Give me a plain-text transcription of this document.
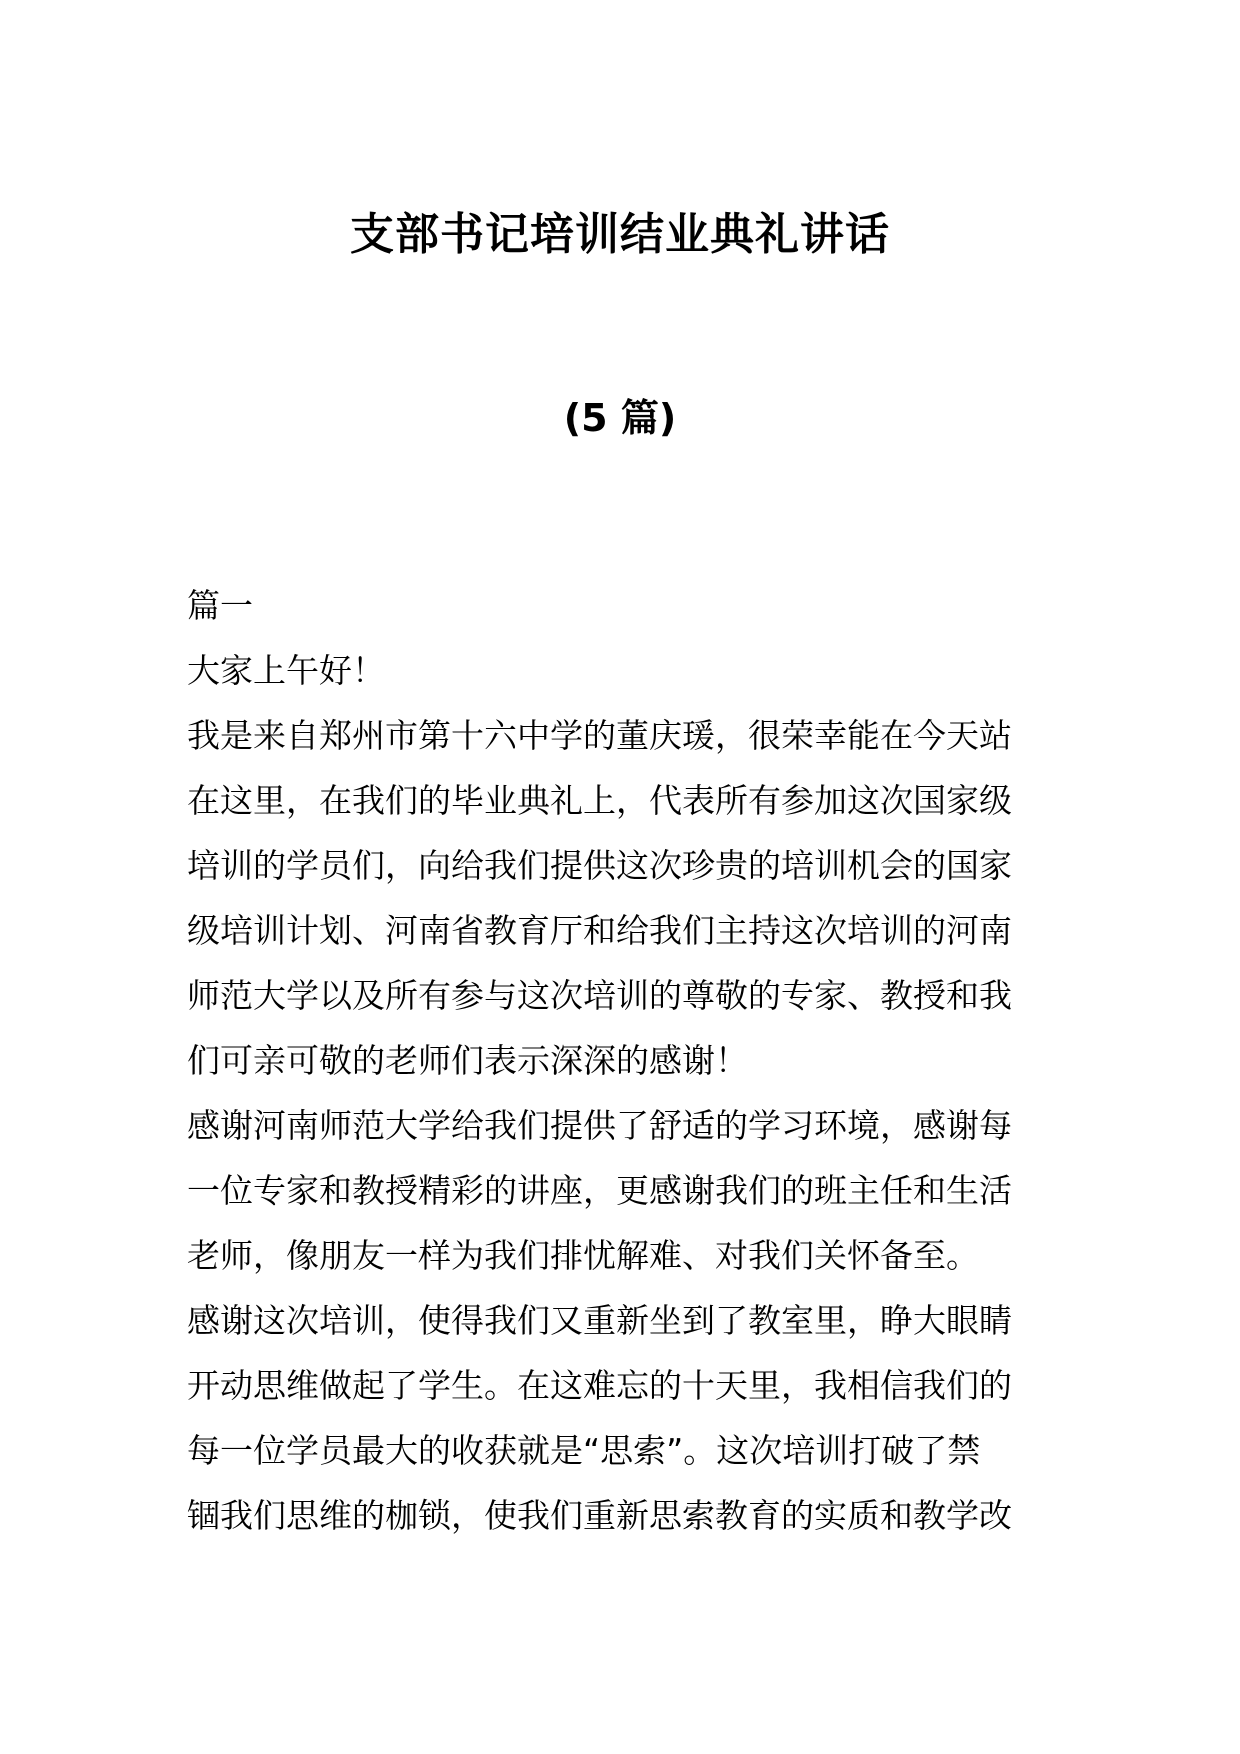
支部书记培训结业典礼讲话
(5 篇)
篇一
大家上午好！
我是来自郑州市第十六中学的董庆瑗，很荣幸能在今天站
在这里，在我们的毕业典礼上，代表所有参加这次国家级
培训的学员们，向给我们提供这次珍贵的培训机会的国家
级培训计划、河南省教育厅和给我们主持这次培训的河南
师范大学以及所有参与这次培训的尊敬的专家、教授和我
们可亲可敬的老师们表示深深的感谢！
感谢河南师范大学给我们提供了舒适的学习环境，感谢每
一位专家和教授精彩的讲座，更感谢我们的班主任和生活
老师，像朋友一样为我们排忧解难、对我们关怀备至。
感谢这次培训，使得我们又重新坐到了教室里，睁大眼睛
开动思维做起了学生。在这难忘的十天里，我相信我们的
每一位学员最大的收获就是“思索”。这次培训打破了禁
锢我们思维的枷锁，使我们重新思索教育的实质和教学改
